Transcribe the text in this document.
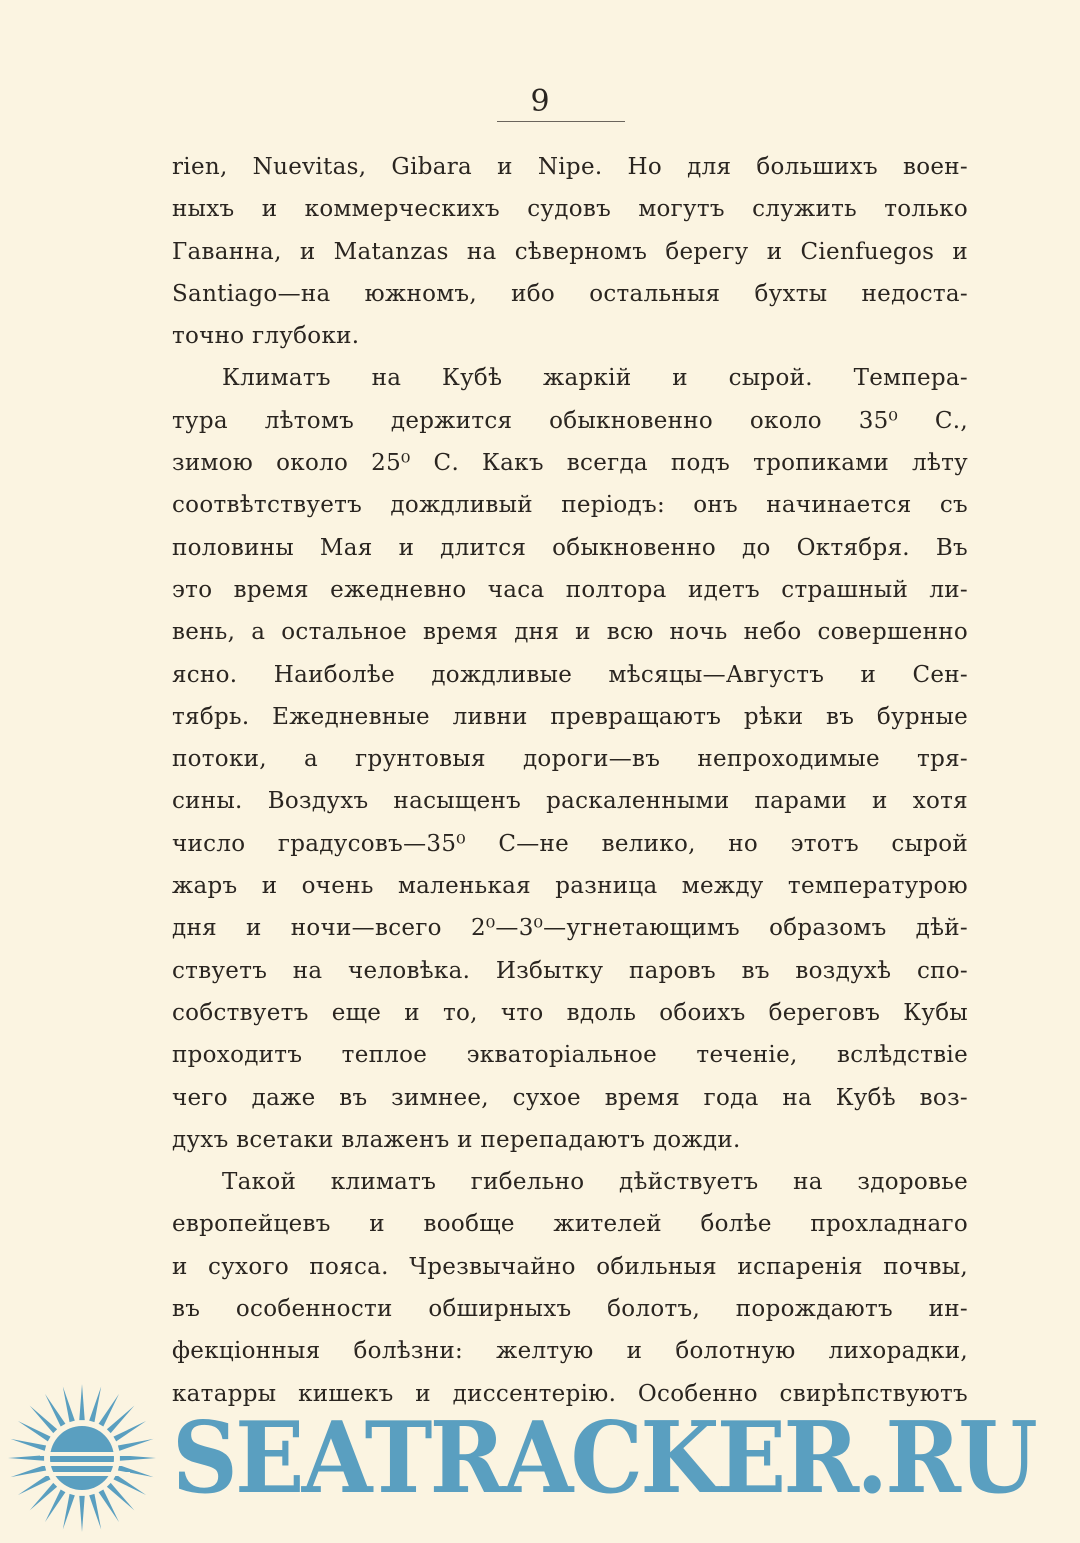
9
rien, Nuevitas, Gibara и Nipe. Но для большихъ воен-
ныхъ и коммерческихъ судовъ могутъ служить только
Гаванна, и Matanzas на сѣверномъ берегу и Cienfuegos и
Santiago—на южномъ, ибо остальныя бухты недоста-
точно глубоки.
Климатъ на Кубѣ жаркій и сырой. Темпера-
тура лѣтомъ держится обыкновенно около 35⁰ С.,
зимою около 25⁰ С. Какъ всегда подъ тропиками лѣту
соотвѣтствуетъ дождливый періодъ: онъ начинается съ
половины Мая и длится обыкновенно до Октября. Въ
это время ежедневно часа полтора идетъ страшный ли-
вень, а остальное время дня и всю ночь небо совершенно
ясно. Наиболѣе дождливые мѣсяцы—Августъ и Сен-
тябрь. Ежедневные ливни превращаютъ рѣки въ бурные
потоки, а грунтовыя дороги—въ непроходимые тря-
сины. Воздухъ насыщенъ раскаленными парами и хотя
число градусовъ—35⁰ С—не велико, но этотъ сырой
жаръ и очень маленькая разница между температурою
дня и ночи—всего 2⁰—3⁰—угнетающимъ образомъ дѣй-
ствуетъ на человѣка. Избытку паровъ въ воздухѣ спо-
собствуетъ еще и то, что вдоль обоихъ береговъ Кубы
проходитъ теплое экваторіальное теченіе, вслѣдствіе
чего даже въ зимнее, сухое время года на Кубѣ воз-
духъ всетаки влаженъ и перепадаютъ дожди.
Такой климатъ гибельно дѣйствуетъ на здоровье
европейцевъ и вообще жителей болѣе прохладнаго
и сухого пояса. Чрезвычайно обильныя испаренія почвы,
въ особенности обширныхъ болотъ, порождаютъ ин-
фекціонныя болѣзни: желтую и болотную лихорадки,
катарры кишекъ и диссентерію. Особенно свирѣпствуютъ
SEATRACKER.RU
